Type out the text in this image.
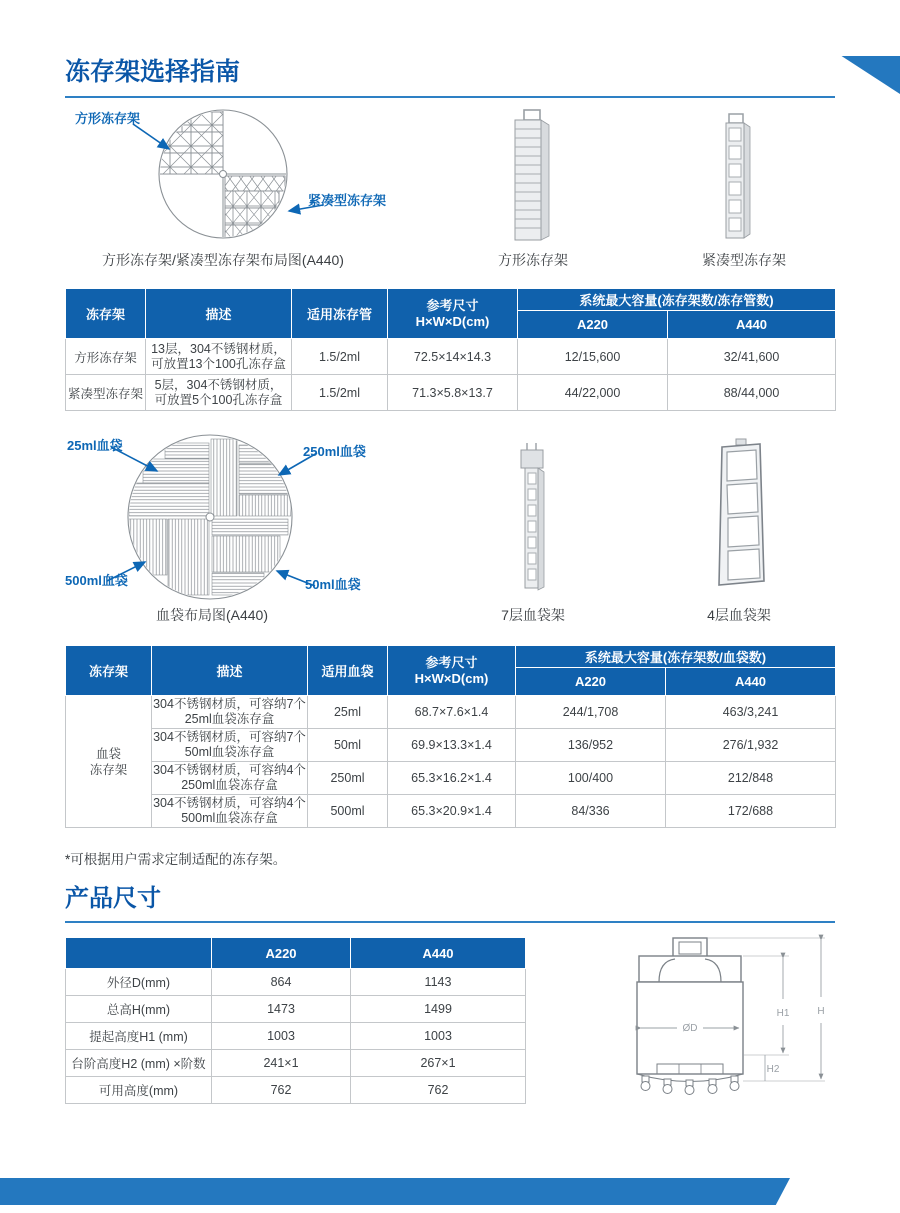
冻存架选择指南
方形冻存架
紧凑型冻存架
方形冻存架/紧凑型冻存架布局图(A440)	方形冻存架	紧凑型冻存架
冻存架	描述	适用冻存管	参考尺寸
H×W×D(cm)	系统最大容量(冻存架数/冻存管数)	
				A220	A440
方形冻存架	13层，304不锈钢材质，
可放置13个100孔冻存盒	1.5/2ml	72.5×14×14.3	12/15,600	32/41,600
紧凑型冻存架	5层，304不锈钢材质，
可放置5个100孔冻存盒	1.5/2ml	71.3×5.8×13.7	44/22,000	88/44,000
25ml血袋	250ml血袋
500ml血袋	50ml血袋
血袋布局图(A440)	7层血袋架	4层血袋架
冻存架	描述	适用血袋	参考尺寸
H×W×D(cm)	系统最大容量(冻存架数/血袋数)	
				A220	A440

血袋
冻存架	304不锈钢材质，可容纳7个
25ml血袋冻存盒	25ml	68.7×7.6×1.4	244/1,708	463/3,241

	304不锈钢材质，可容纳7个
50ml血袋冻存盒	50ml	69.9×13.3×1.4	136/952	276/1,932

	304不锈钢材质，可容纳4个
250ml血袋冻存盒	250ml	65.3×16.2×1.4	100/400	212/848

	304不锈钢材质，可容纳4个
500ml血袋冻存盒	500ml	65.3×20.9×1.4	84/336	172/688
*可根据用户需求定制适配的冻存架。
产品尺寸
	A220	A440
外径D(mm)	864	1143
总高H(mm)	1473	1499
提起高度H1 (mm)	1003	1003
台阶高度H2 (mm) ×阶数	241×1	267×1
可用高度(mm)	762	762
ØD
H1	H
H2
